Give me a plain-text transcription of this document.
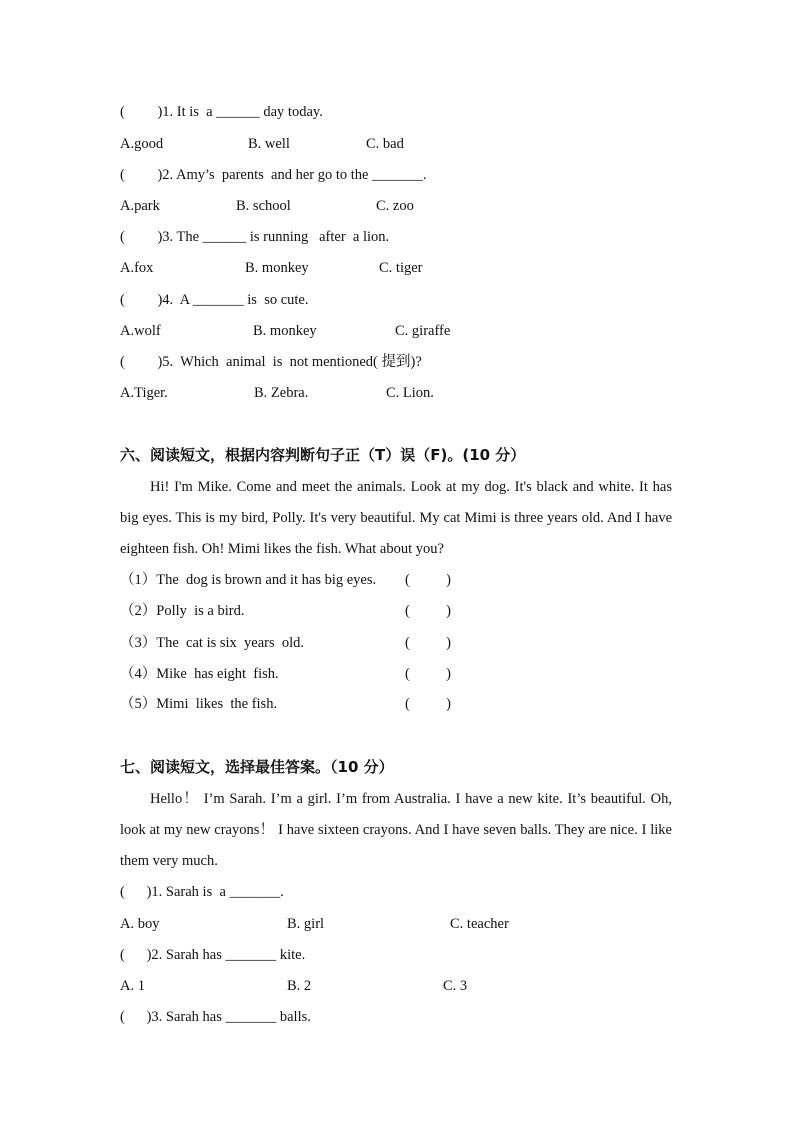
(         )1. It is  a ______ day today.
A.good	B. well	C. bad
(         )2. Amy’s  parents  and her go to the _______.
A.park	B. school	C. zoo
(         )3. The ______ is running   after  a lion.
A.fox	B. monkey	C. tiger
(         )4.  A _______ is  so cute.
A.wolf	B. monkey	C. giraffe
(         )5.  Which  animal  is  not mentioned( 提到)?
A.Tiger.	B. Zebra.	C. Lion.
六、阅读短文，根据内容判断句子正（T）误（F)。(10 分）

Hi! I'm Mike. Come and meet the animals. Look at my dog. It's black and white. It has big eyes. This is my bird, Polly. It's very beautiful. My cat Mimi is three years old. And I have eighteen fish. Oh! Mimi likes the fish. What about you?

（1）The  dog is brown and it has big eyes. (          )
（2）Polly  is a bird.	(          )
（3）The  cat is six  years  old.	(          )
（4）Mike  has eight  fish.	(          )
（5）Mimi  likes  the fish.	(          )
七、阅读短文，选择最佳答案。（10 分）

Hello！ I’m Sarah. I’m a girl. I’m from Australia. I have a new kite. It’s beautiful. Oh, look at my new crayons！ I have sixteen crayons. And I have seven balls. They are nice. I like them very much.

(      )1. Sarah is  a _______.
A. boy	B. girl	C. teacher
(      )2. Sarah has _______ kite.
A. 1	B. 2	C. 3
(      )3. Sarah has _______ balls.
